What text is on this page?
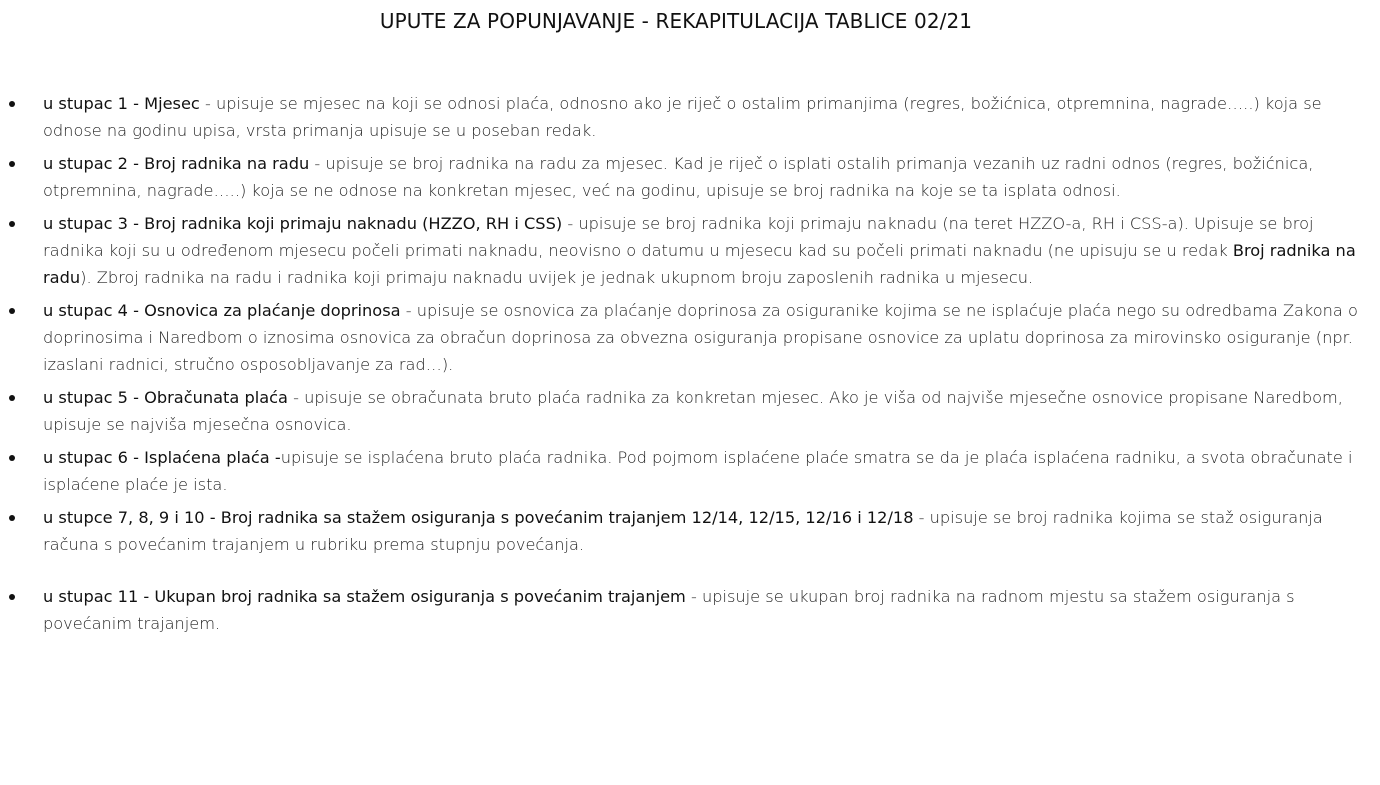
UPUTE ZA POPUNJAVANJE - REKAPITULACIJA TABLICE 02/21
u stupac 1 - Mjesec - upisuje se mjesec na koji se odnosi plaća, odnosno ako je riječ o ostalim primanjima (regres, božićnica, otpremnina, nagrade…..) koja se odnose na godinu upisa, vrsta primanja upisuje se u poseban redak.
u stupac 2 - Broj radnika na radu - upisuje se broj radnika na radu za mjesec. Kad je riječ o isplati ostalih primanja vezanih uz radni odnos (regres, božićnica, otpremnina, nagrade…..) koja se ne odnose na konkretan mjesec, već na godinu, upisuje se broj radnika na koje se ta isplata odnosi.
u stupac 3 - Broj radnika koji primaju naknadu (HZZO, RH i CSS) - upisuje se broj radnika koji primaju naknadu (na teret HZZO-a, RH i CSS-a). Upisuje se broj radnika koji su u određenom mjesecu počeli primati naknadu, neovisno o datumu u mjesecu kad su počeli primati naknadu (ne upisuju se u redak Broj radnika na radu). Zbroj radnika na radu i radnika koji primaju naknadu uvijek je jednak ukupnom broju zaposlenih radnika u mjesecu.
u stupac 4 - Osnovica za plaćanje doprinosa - upisuje se osnovica za plaćanje doprinosa za osiguranike kojima se ne isplaćuje plaća nego su odredbama Zakona o doprinosima i Naredbom o iznosima osnovica za obračun doprinosa za obvezna osiguranja propisane osnovice za uplatu doprinosa za mirovinsko osiguranje (npr. izaslani radnici, stručno osposobljavanje za rad…).
u stupac 5 - Obračunata plaća - upisuje se obračunata bruto plaća radnika za konkretan mjesec. Ako je viša od najviše mjesečne osnovice propisane Naredbom, upisuje se najviša mjesečna osnovica.
u stupac 6 - Isplaćena plaća -upisuje se isplaćena bruto plaća radnika. Pod pojmom isplaćene plaće smatra se da je plaća isplaćena radniku, a svota obračunate i isplaćene plaće je ista.
u stupce 7, 8, 9 i 10 - Broj radnika sa stažem osiguranja s povećanim trajanjem 12/14, 12/15, 12/16 i 12/18 - upisuje se broj radnika kojima se staž osiguranja računa s povećanim trajanjem u rubriku prema stupnju povećanja.
u stupac 11 - Ukupan broj radnika sa stažem osiguranja s povećanim trajanjem - upisuje se ukupan broj radnika na radnom mjestu sa stažem osiguranja s povećanim trajanjem.
